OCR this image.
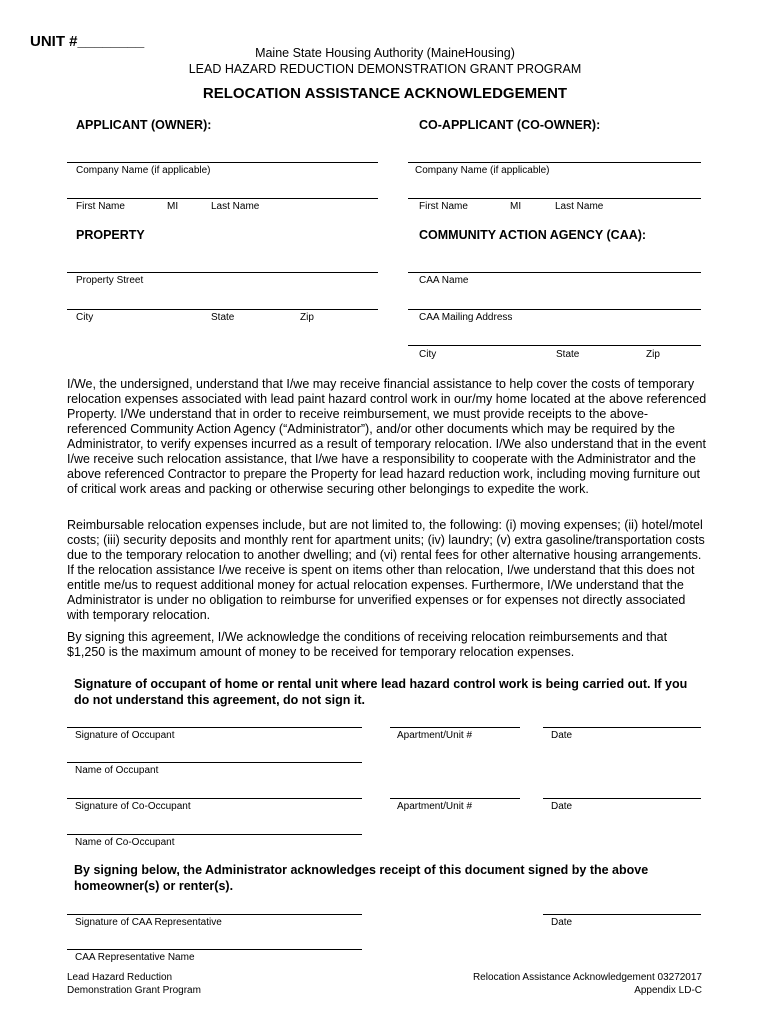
UNIT #________
Maine State Housing Authority (MaineHousing)
LEAD HAZARD REDUCTION DEMONSTRATION GRANT PROGRAM
RELOCATION ASSISTANCE ACKNOWLEDGEMENT
APPLICANT (OWNER):	CO-APPLICANT (CO-OWNER):
Company Name (if applicable)	Company Name (if applicable)
First Name	MI	Last Name	First Name	MI	Last Name
PROPERTY	COMMUNITY ACTION AGENCY (CAA):
Property Street	CAA Name
City	State	Zip	CAA Mailing Address
City	State	Zip

I/We, the undersigned, understand that I/we may receive financial assistance to help cover the costs of temporary relocation expenses associated with lead paint hazard control work in our/my home located at the above referenced Property. I/We understand that in order to receive reimbursement, we must provide receipts to the above-referenced Community Action Agency (“Administrator”), and/or other documents which may be required by the Administrator, to verify expenses incurred as a result of temporary relocation. I/We also understand that in the event I/we receive such relocation assistance, that I/we have a responsibility to cooperate with the Administrator and the above referenced Contractor to prepare the Property for lead hazard reduction work, including moving furniture out of critical work areas and packing or otherwise securing other belongings to expedite the work.

Reimbursable relocation expenses include, but are not limited to, the following: (i) moving expenses; (ii) hotel/motel costs; (iii) security deposits and monthly rent for apartment units; (iv) laundry; (v) extra gasoline/transportation costs due to the temporary relocation to another dwelling; and (vi) rental fees for other alternative housing arrangements. If the relocation assistance I/we receive is spent on items other than relocation, I/we understand that this does not entitle me/us to request additional money for actual relocation expenses. Furthermore, I/We understand that the Administrator is under no obligation to reimburse for unverified expenses or for expenses not directly associated with temporary relocation.

By signing this agreement, I/We acknowledge the conditions of receiving relocation reimbursements and that $1,250 is the maximum amount of money to be received for temporary relocation expenses.

Signature of occupant of home or rental unit where lead hazard control work is being carried out. If you do not understand this agreement, do not sign it.

Signature of Occupant	Apartment/Unit #	Date
Name of Occupant
Signature of Co-Occupant	Apartment/Unit #	Date
Name of Co-Occupant

By signing below, the Administrator acknowledges receipt of this document signed by the above homeowner(s) or renter(s).

Signature of CAA Representative	Date
CAA Representative Name
Lead Hazard Reduction
Demonstration Grant Program
Relocation Assistance Acknowledgement 03272017
Appendix LD-C
